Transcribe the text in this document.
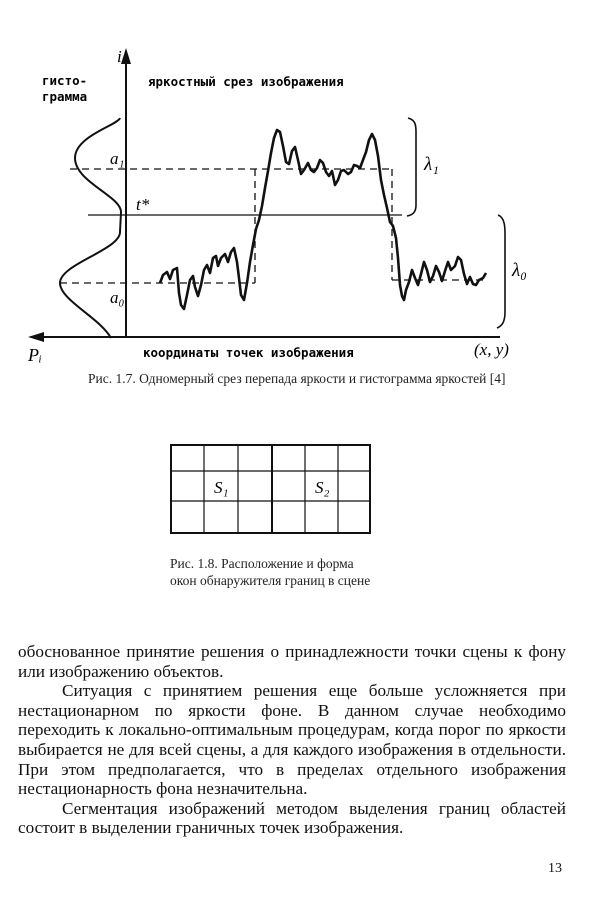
i
гисто-
грамма
яркостный срез изображения
a₁
t*
a₀
λ₁
λ₀
Pᵢ	координаты точек изображения	(x, y)
Рис. 1.7. Одномерный срез перепада яркости и гистограмма яркостей [4]
S₁	S₂
Рис. 1.8. Расположение и форма окон обнаружителя границ в сцене

обоснованное принятие решения о принадлежности точки сцены к фону или изображению объектов.

Ситуация с принятием решения еще больше усложняется при нестационарном по яркости фоне. В данном случае необходимо переходить к локально-оптимальным процедурам, когда порог по яркости выбирается не для всей сцены, а для каждого изображения в отдельности. При этом предполагается, что в пределах отдельного изображения нестационарность фона незначительна.

Сегментация изображений методом выделения границ областей состоит в выделении граничных точек изображения.

13
